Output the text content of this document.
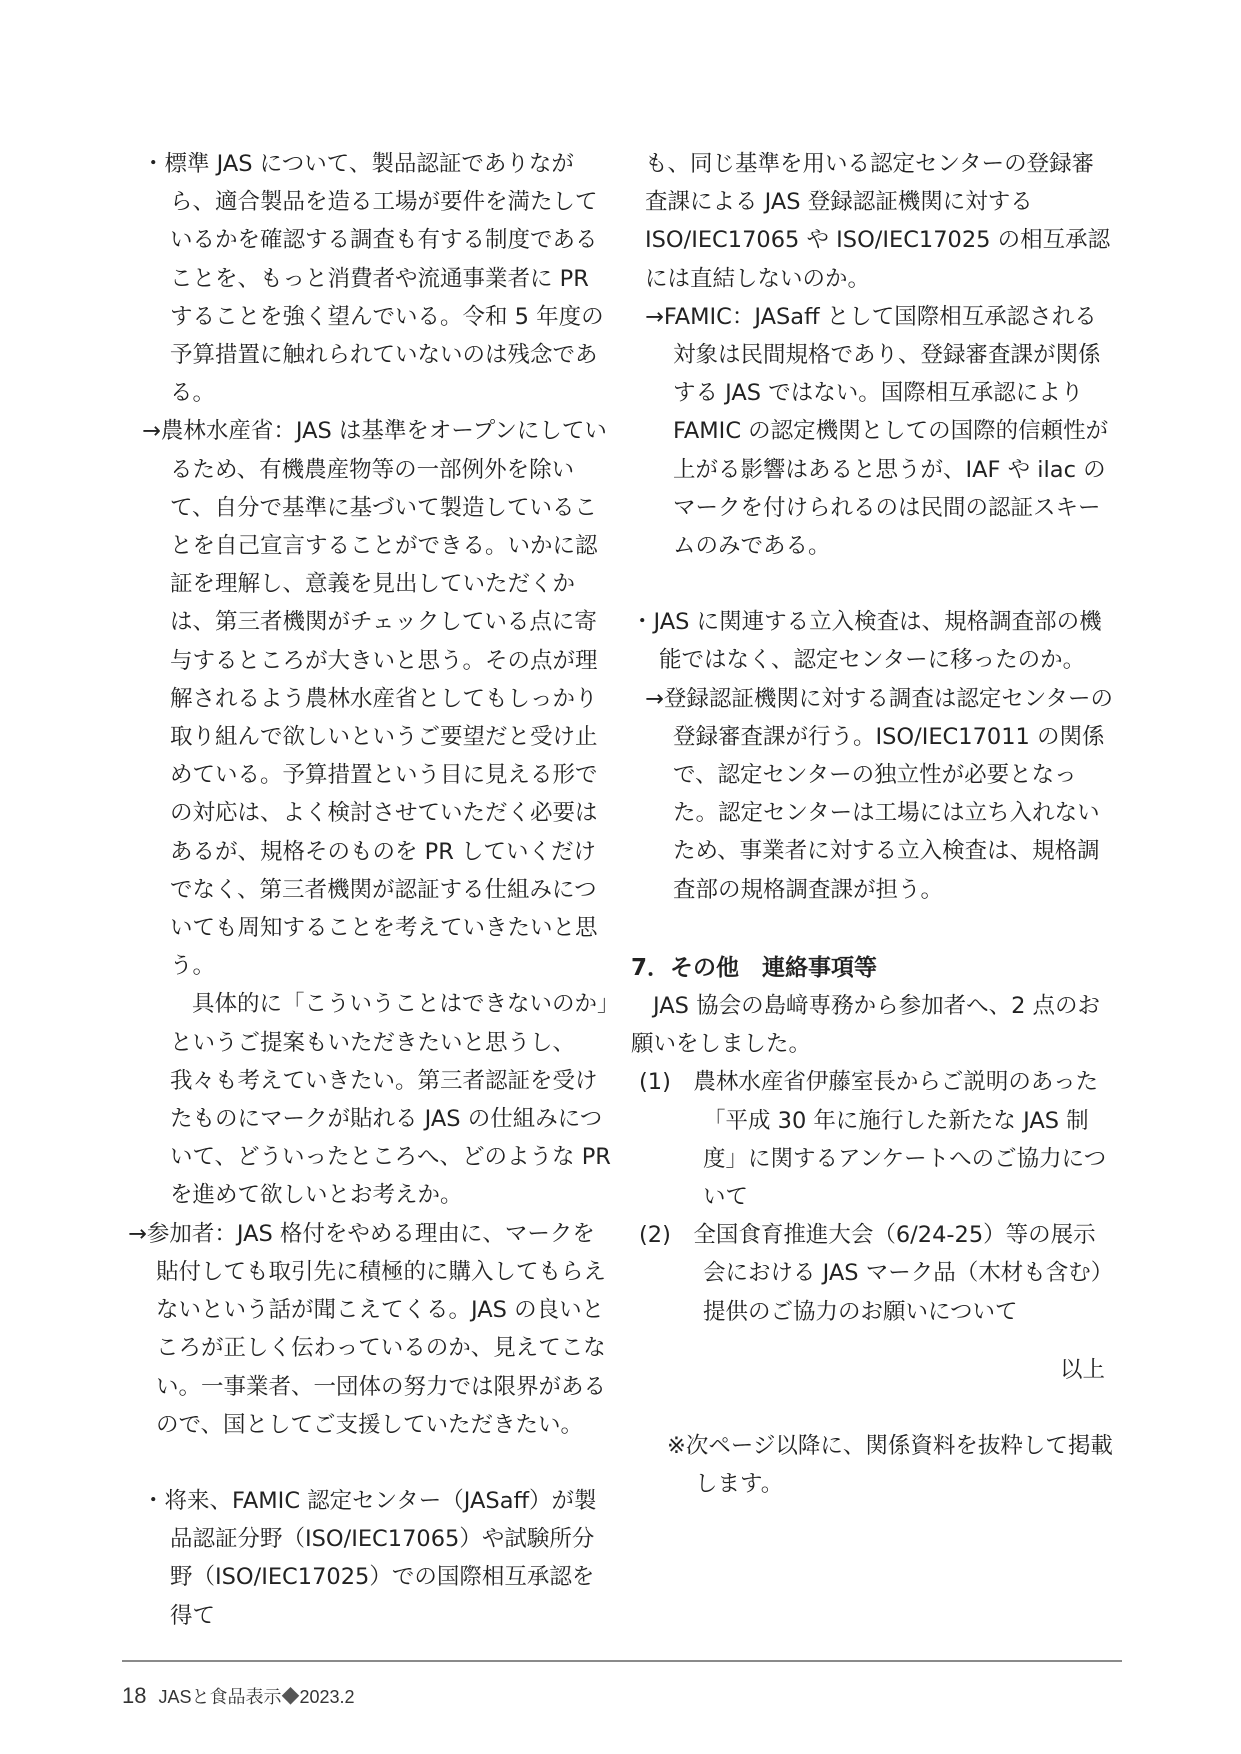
・標準 JAS について、製品認証でありながら、適合製品を造る工場が要件を満たしているかを確認する調査も有する制度であることを、もっと消費者や流通事業者に PR することを強く望んでいる。令和 5 年度の予算措置に触れられていないのは残念である。

→農林水産省：JAS は基準をオープンにしているため、有機農産物等の一部例外を除いて、自分で基準に基づいて製造していることを自己宣言することができる。いかに認証を理解し、意義を見出していただくかは、第三者機関がチェックしている点に寄与するところが大きいと思う。その点が理解されるよう農林水産省としてもしっかり取り組んで欲しいというご要望だと受け止めている。予算措置という目に見える形での対応は、よく検討させていただく必要はあるが、規格そのものを PR していくだけでなく、第三者機関が認証する仕組みについても周知することを考えていきたいと思う。

具体的に「こういうことはできないのか」というご提案もいただきたいと思うし、我々も考えていきたい。第三者認証を受けたものにマークが貼れる JAS の仕組みについて、どういったところへ、どのような PR を進めて欲しいとお考えか。

→参加者：JAS 格付をやめる理由に、マークを貼付しても取引先に積極的に購入してもらえないという話が聞こえてくる。JAS の良いところが正しく伝わっているのか、見えてこない。一事業者、一団体の努力では限界があるので、国としてご支援していただきたい。

・将来、FAMIC 認定センター（JASaff）が製品認証分野（ISO/IEC17065）や試験所分野（ISO/IEC17025）での国際相互承認を得て

も、同じ基準を用いる認定センターの登録審査課による JAS 登録認証機関に対する ISO/IEC17065 や ISO/IEC17025 の相互承認には直結しないのか。

→FAMIC：JASaff として国際相互承認される対象は民間規格であり、登録審査課が関係する JAS ではない。国際相互承認により FAMIC の認定機関としての国際的信頼性が上がる影響はあると思うが、IAF や ilac のマークを付けられるのは民間の認証スキームのみである。

・JAS に関連する立入検査は、規格調査部の機能ではなく、認定センターに移ったのか。

→登録認証機関に対する調査は認定センターの登録審査課が行う。ISO/IEC17011 の関係で、認定センターの独立性が必要となった。認定センターは工場には立ち入れないため、事業者に対する立入検査は、規格調査部の規格調査課が担う。

7．その他　連絡事項等

JAS 協会の島﨑専務から参加者へ、2 点のお願いをしました。

(1)　農林水産省伊藤室長からご説明のあった「平成 30 年に施行した新たな JAS 制度」に関するアンケートへのご協力について

(2)　全国食育推進大会（6/24-25）等の展示会における JAS マーク品（木材も含む）提供のご協力のお願いについて

以上

※次ページ以降に、関係資料を抜粋して掲載します。

18 JASと食品表示◆2023.2
